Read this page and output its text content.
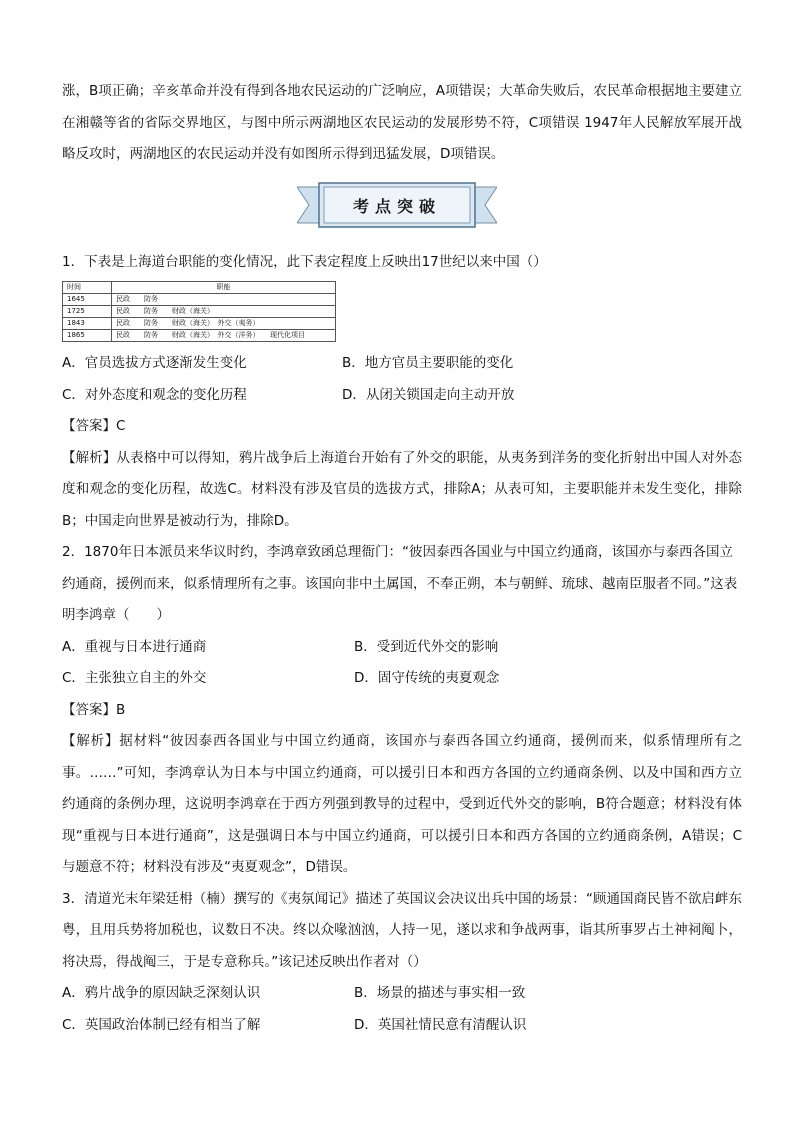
涨，B项正确；辛亥革命并没有得到各地农民运动的广泛响应，A项错误；大革命失败后，农民革命根据地主要建立在湘赣等省的省际交界地区，与图中所示两湖地区农民运动的发展形势不符，C项错误 1947年人民解放军展开战略反攻时，两湖地区的农民运动并没有如图所示得到迅猛发展，D项错误。

考点突破

1．下表是上海道台职能的变化情况，此下表定程度上反映出17世纪以来中国（）

时间	职能
1645	民政　　防务
1725	民政　　防务　　财政（海关）
1843	民政　　防务　　财政（海关）　外交（夷务）
1865	民政　　防务　　财政（海关）　外交（洋务）　　现代化项目
A．官员选拔方式逐渐发生变化	B．地方官员主要职能的变化
C．对外态度和观念的变化历程	D．从闭关锁国走向主动开放

【答案】C

【解析】从表格中可以得知，鸦片战争后上海道台开始有了外交的职能，从夷务到洋务的变化折射出中国人对外态度和观念的变化历程，故选C。材料没有涉及官员的选拔方式，排除A；从表可知，主要职能并未发生变化，排除B；中国走向世界是被动行为，排除D。

2．1870年日本派员来华议时约，李鸿章致函总理衙门：“彼因泰西各国业与中国立约通商，该国亦与泰西各国立约通商，援例而来，似系情理所有之事。该国向非中土属国，不奉正朔，本与朝鲜、琉球、越南臣服者不同。”这表明李鸿章（　　）

A．重视与日本进行通商	B．受到近代外交的影响
C．主张独立自主的外交	D．固守传统的夷夏观念

【答案】B

【解析】据材料“彼因泰西各国业与中国立约通商，该国亦与泰西各国立约通商，援例而来，似系情理所有之事。……”可知，李鸿章认为日本与中国立约通商，可以援引日本和西方各国的立约通商条例、以及中国和西方立约通商的条例办理，这说明李鸿章在于西方列强到教导的过程中，受到近代外交的影响，B符合题意；材料没有体现“重视与日本进行通商”，这是强调日本与中国立约通商，可以援引日本和西方各国的立约通商条例，A错误；C与题意不符；材料没有涉及“夷夏观念”，D错误。

3．清道光末年梁廷枏（楠）撰写的《夷氛闻记》描述了英国议会决议出兵中国的场景：“顾通国商民皆不欲启衅东粤，且用兵势将加税也，议数日不决。终以众喙汹汹，人持一见，遂以求和争战两事，诣其所事罗占土神祠阄卜，将决焉，得战阄三，于是专意称兵。”该记述反映出作者对（）

A．鸦片战争的原因缺乏深刻认识	B．场景的描述与事实相一致
C．英国政治体制已经有相当了解	D．英国社情民意有清醒认识
